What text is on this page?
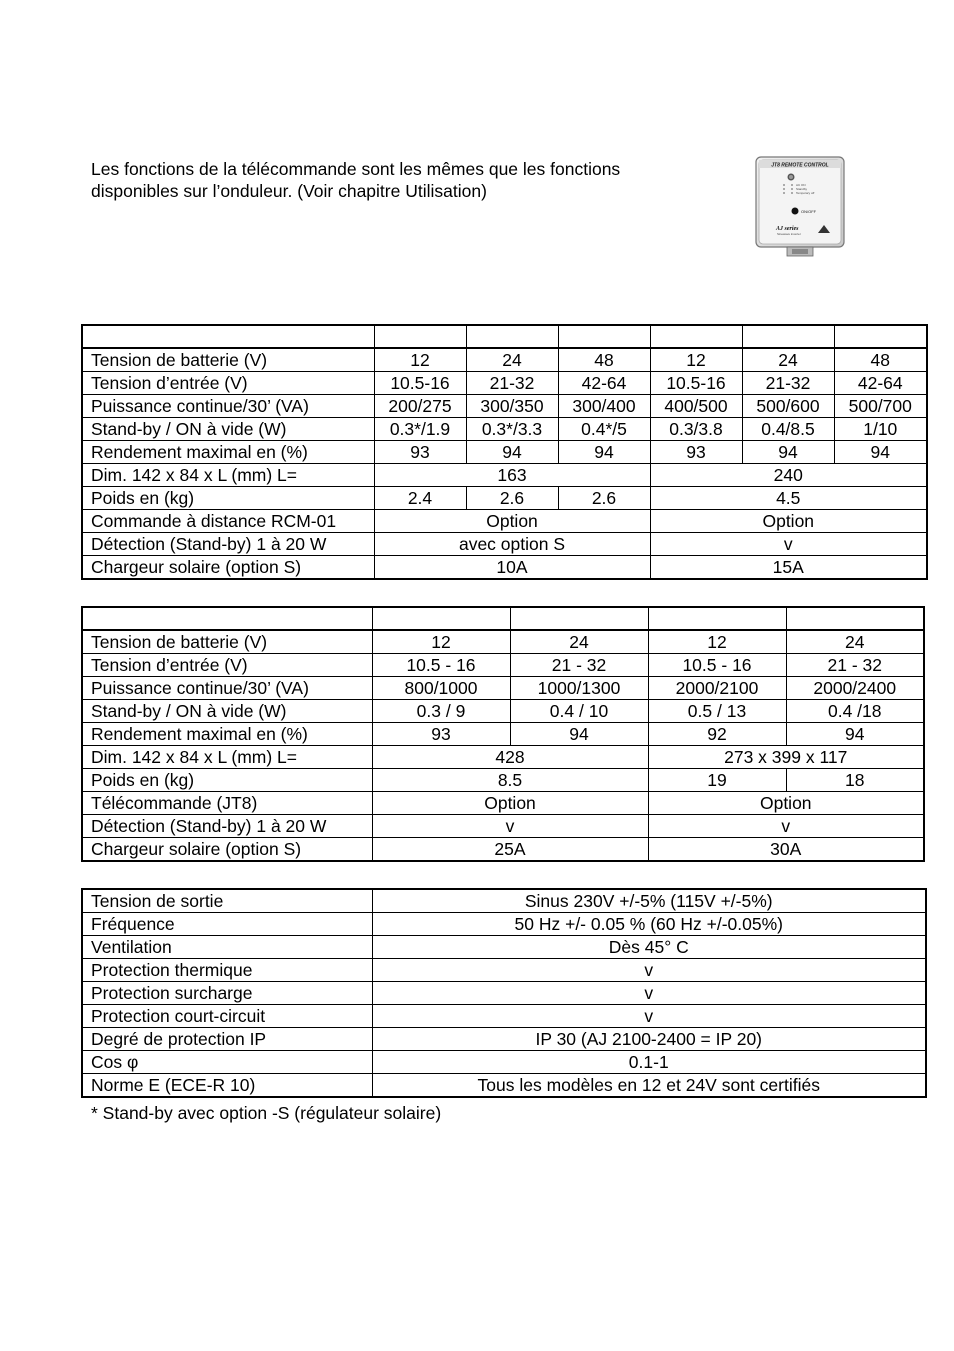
Les fonctions de la télécommande sont les mêmes que les fonctions
disponibles sur l’onduleur. (Voir chapitre Utilisation)
JT8 REMOTE CONTROL
AC ON
Standby
Temporary off
ON/OFF
AJ series
Sinewave inverter

Tension de batterie (V)	12	24	48	12	24	48
Tension d’entrée (V)	10.5-16	21-32	42-64	10.5-16	21-32	42-64
Puissance continue/30’ (VA)	200/275	300/350	300/400	400/500	500/600	500/700
Stand-by / ON à vide (W)	0.3*/1.9	0.3*/3.3	0.4*/5	0.3/3.8	0.4/8.5	1/10
Rendement maximal en (%)	93	94	94	93	94	94
Dim. 142 x 84 x L (mm) L=	163			240		
Poids en (kg)	2.4	2.6	2.6	4.5		
Commande à distance RCM-01	Option			Option		
Détection (Stand-by) 1 à 20 W	avec option S			v		
Chargeur solaire (option S)	10A			15A		

Tension de batterie (V)	12	24	12	24
Tension d’entrée (V)	10.5 - 16	21 - 32	10.5 - 16	21 - 32
Puissance continue/30’ (VA)	800/1000	1000/1300	2000/2100	2000/2400
Stand-by / ON à vide (W)	0.3 / 9	0.4 / 10	0.5 / 13	0.4 /18
Rendement maximal en (%)	93	94	92	94
Dim. 142 x 84 x L (mm) L=	428		273 x 399 x 117	
Poids en (kg)	8.5		19	18
Télécommande (JT8)	Option		Option	
Détection (Stand-by) 1 à 20 W	v		v	
Chargeur solaire (option S)	25A		30A	
Tension de sortie	Sinus 230V +/-5% (115V +/-5%)
Fréquence	50 Hz +/- 0.05 % (60 Hz +/-0.05%)
Ventilation	Dès 45° C
Protection thermique	v
Protection surcharge	v
Protection court-circuit	v
Degré de protection IP	IP 30 (AJ 2100-2400 = IP 20)
Cos φ	0.1-1
Norme E (ECE-R 10)	Tous les modèles en 12 et 24V sont certifiés
* Stand-by avec option -S (régulateur solaire)
